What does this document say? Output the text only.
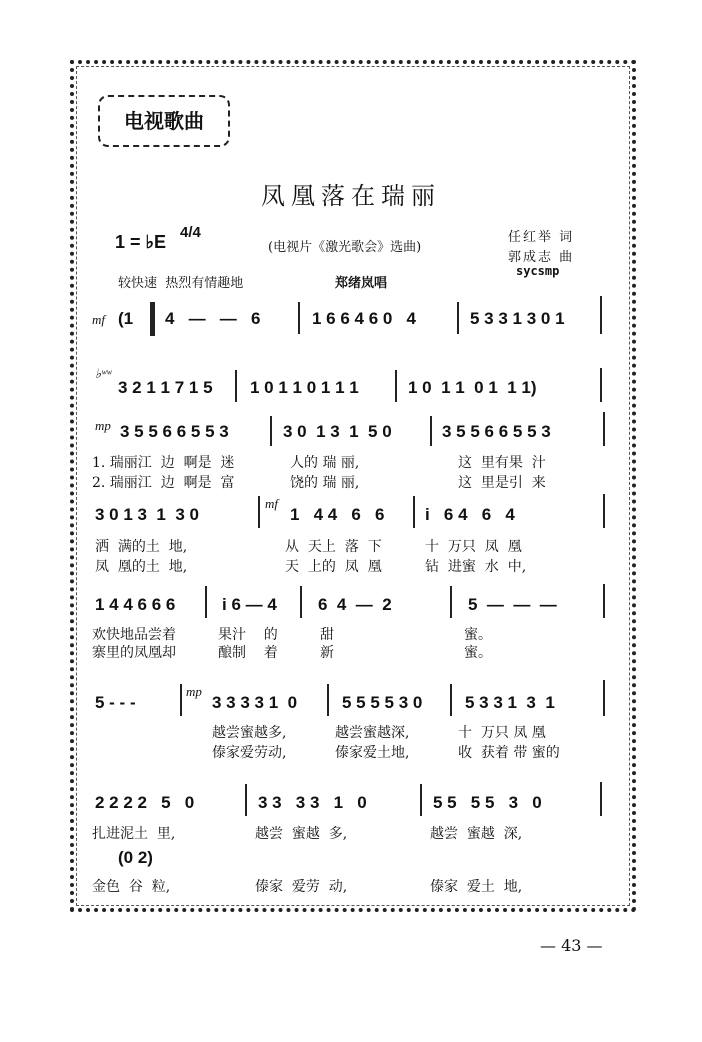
电视歌曲
凤凰落在瑞丽
1 = ♭E 4/4
(电视片《激光歌会》选曲)
任红举 词
郭成志 曲
sycsmp
较快速  热烈有情趣地	郑绪岚唱
mf (1 4   —   —   6	1 6 6 4 6 0   4	5 3 3 1 3 0 1
♭ʷʷ
3 2 1 1 7 1 5 1 0 1 1 0 1 1 1	1 0  1 1  0 1  1 1)
mp 3 5 5 6 6 5 5 3	3 0  1 3  1  5 0	3 5 5 6 6 5 5 3
1. 瑞丽江  边  啊是  迷	人的 瑞 丽,	这  里有果  汁
2. 瑞丽江  边  啊是  富	饶的 瑞 丽,	这  里是引  来
3 0 1 3  1  3 0
mf
1   4 4   6   6 i   6 4   6   4
洒  满的土  地,	从  天上  落  下	十  万只  凤  凰
凤  凰的土  地,	天  上的  凤  凰	钻  进蜜  水  中,
1 4 4 6 6 6	i 6 — 4 6  4  —  2	5  —  —  —
欢快地品尝着	果汁    的	甜	蜜。
寨里的凤凰却	酿制    着	新	蜜。
5 - - -
mp
3 3 3 3 1  0	5 5 5 5 3 0	5 3 3 1  3  1
越尝蜜越多,	越尝蜜越深,	十  万只 凤 凰
傣家爱劳动,	傣家爱土地,	收  获着 带 蜜的
2 2 2 2   5   0	3 3   3 3   1   0	5 5   5 5   3   0
扎进泥土  里,	越尝  蜜越  多,	越尝  蜜越  深,
(0 2)
金色  谷  粒,	傣家  爱劳  动,	傣家  爱土  地,
— 43 —
